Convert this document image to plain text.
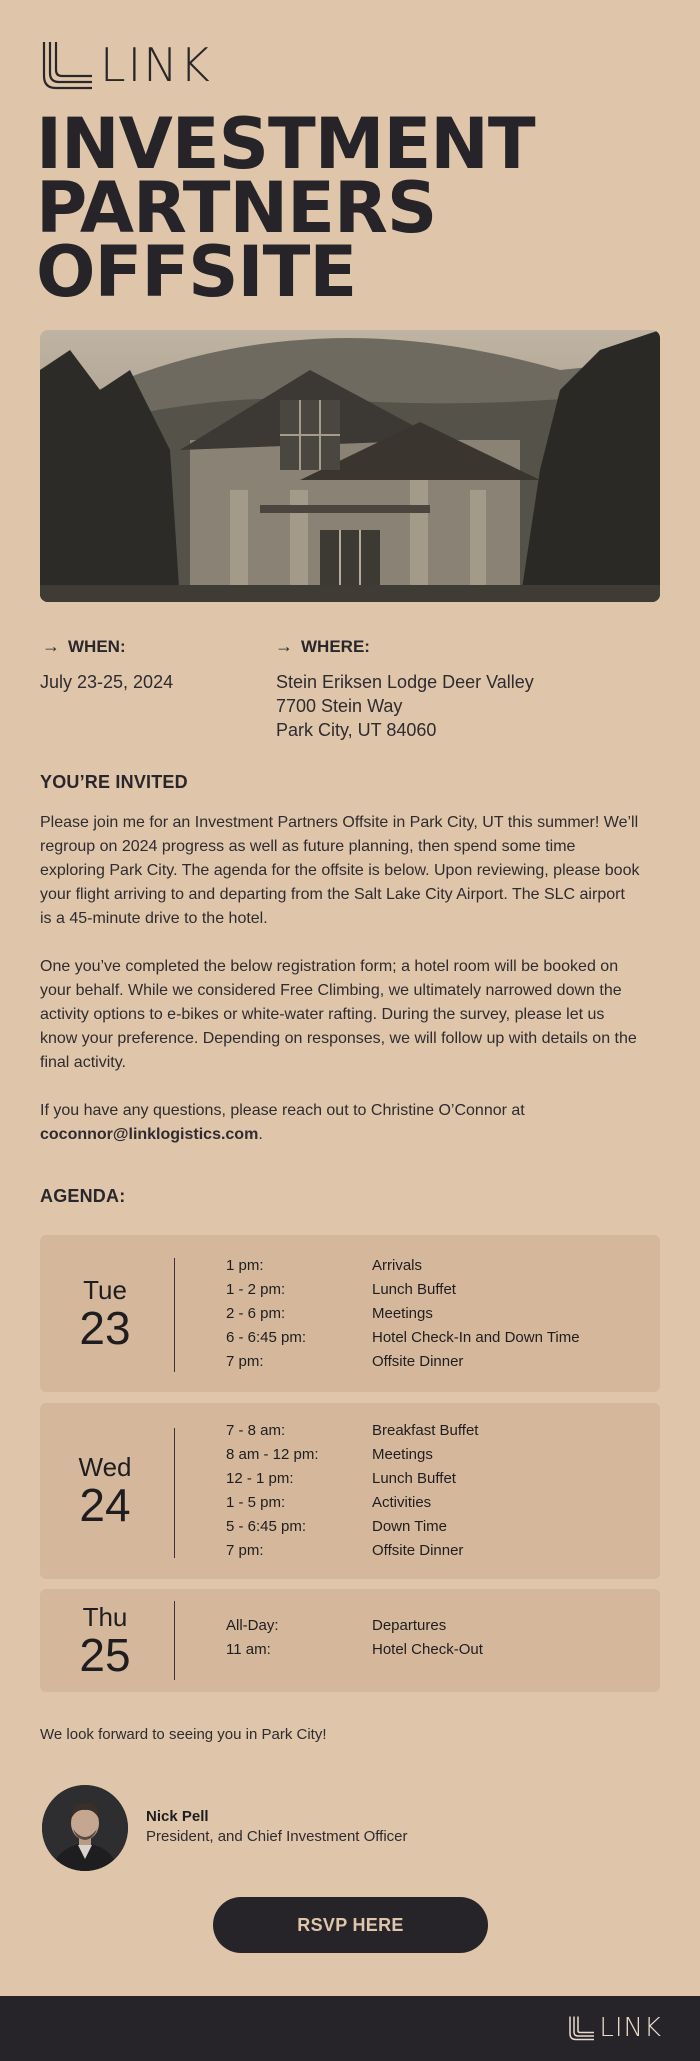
LINK
INVESTMENT
PARTNERS
OFFSITE
→ WHEN:
July 23-25, 2024
→ WHERE:
Stein Eriksen Lodge Deer Valley
7700 Stein Way
Park City, UT 84060
YOU’RE INVITED
Please join me for an Investment Partners Offsite in Park City, UT this summer! We’ll regroup on 2024 progress as well as future planning, then spend some time exploring Park City. The agenda for the offsite is below. Upon reviewing, please book your flight arriving to and departing from the Salt Lake City Airport. The SLC airport is a 45-minute drive to the hotel.
One you’ve completed the below registration form; a hotel room will be booked on your behalf. While we considered Free Climbing, we ultimately narrowed down the activity options to e-bikes or white-water rafting. During the survey, please let us know your preference. Depending on responses, we will follow up with details on the final activity.
If you have any questions, please reach out to Christine O’Connor at coconnor@linklogistics.com.
AGENDA:
Tue
23
1 pm:	Arrivals
1 - 2 pm:	Lunch Buffet
2 - 6 pm:	Meetings
6 - 6:45 pm:	Hotel Check-In and Down Time
7 pm:	Offsite Dinner
Wed
24
7 - 8 am:	Breakfast Buffet
8 am - 12 pm:	Meetings
12 - 1 pm:	Lunch Buffet
1 - 5 pm:	Activities
5 - 6:45 pm:	Down Time
7 pm:	Offsite Dinner
Thu
25
All-Day:	Departures
11 am:	Hotel Check-Out
We look forward to seeing you in Park City!
Nick Pell
President, and Chief Investment Officer
RSVP HERE
LINK
